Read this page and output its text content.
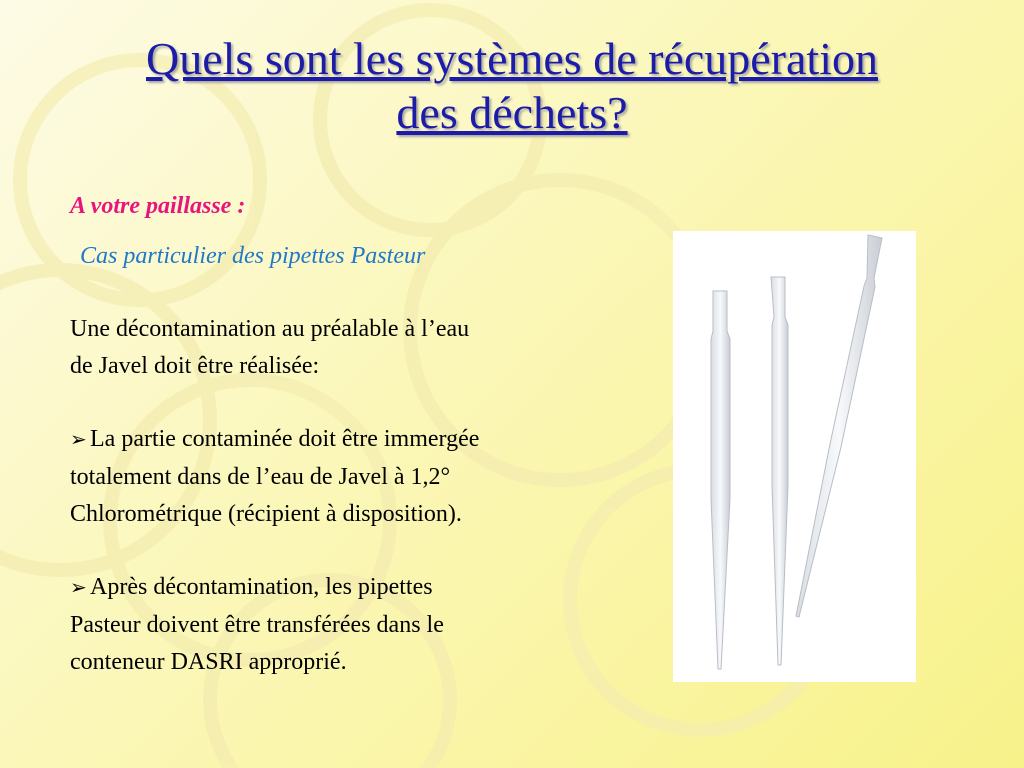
Quels sont les systèmes de récupération
des déchets?
A votre paillasse :
Cas particulier des pipettes Pasteur

Une décontamination au préalable à l’eau
de Javel doit être réalisée:

➢ La partie contaminée doit être immergée
totalement dans de l’eau de Javel à 1,2°
Chlorométrique (récipient à disposition).

➢ Après décontamination, les pipettes
Pasteur doivent être transférées dans le
conteneur DASRI approprié.
